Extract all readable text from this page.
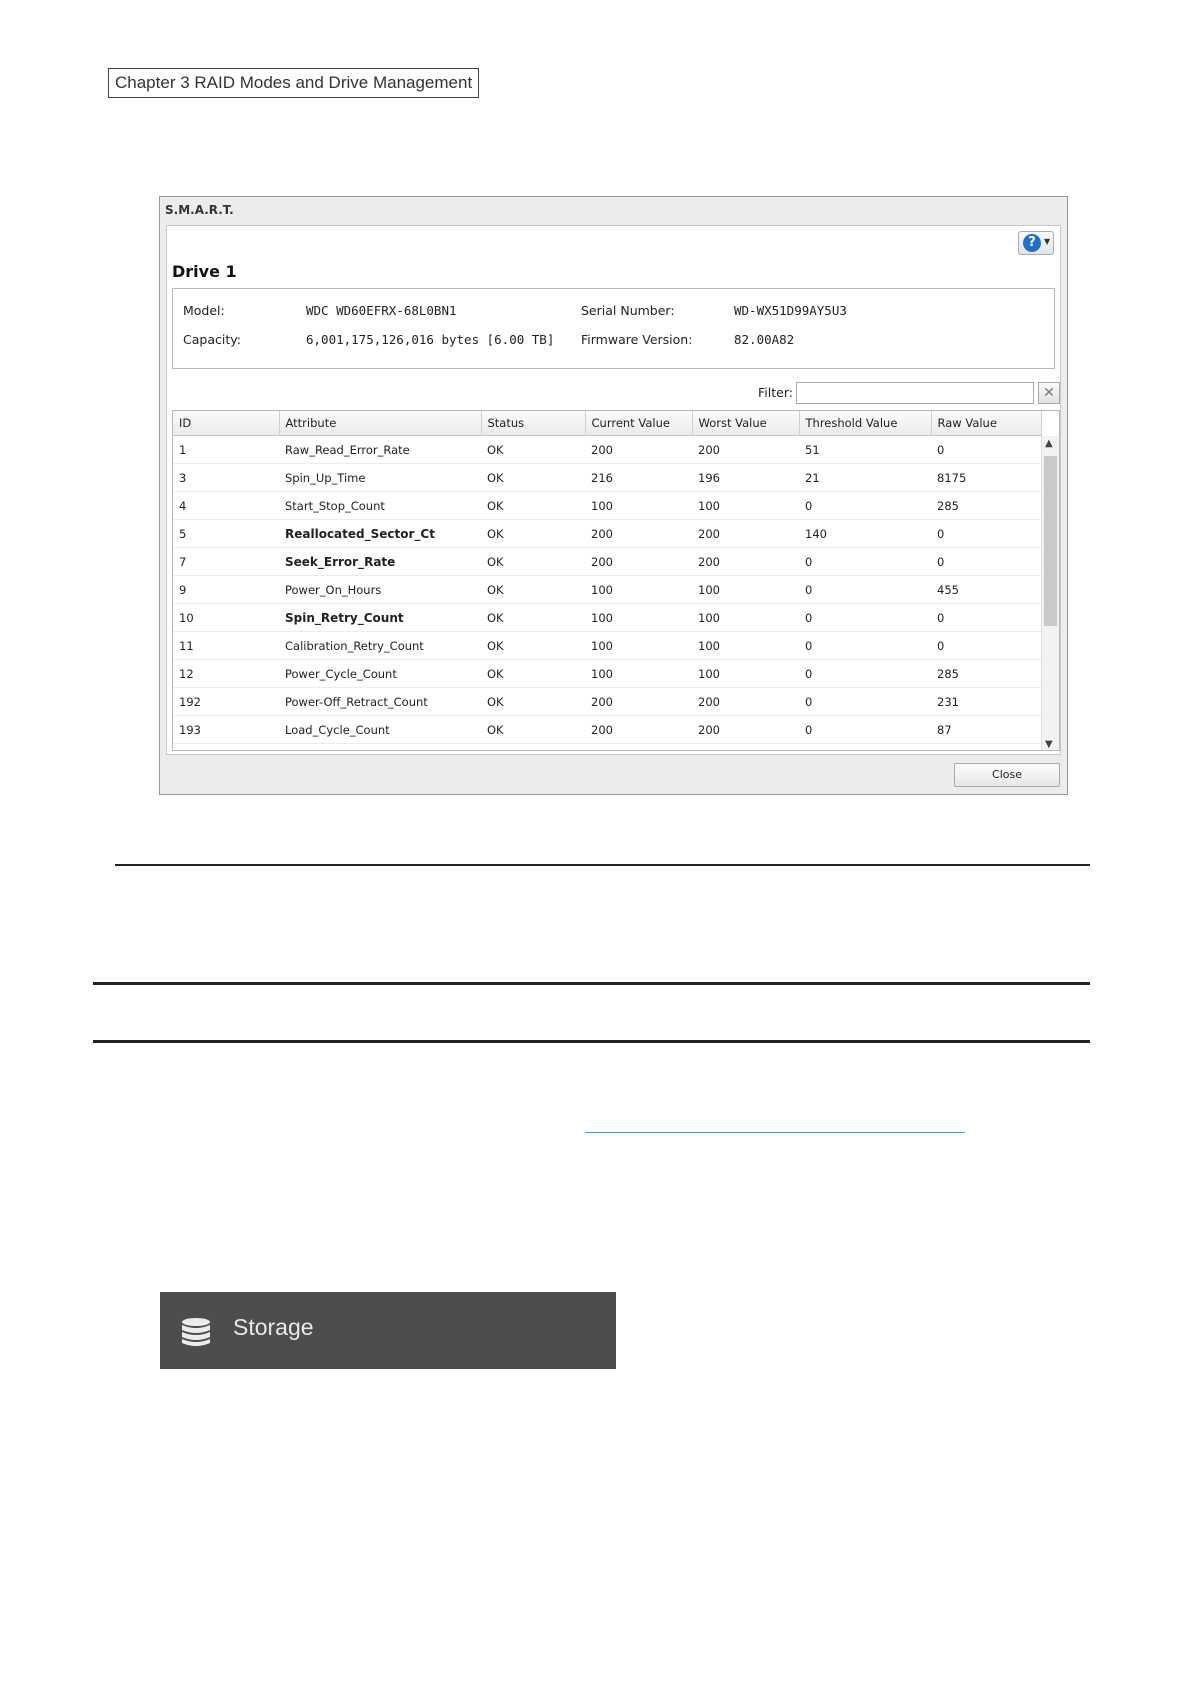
Chapter 3 RAID Modes and Drive Management
S.M.A.R.T.
?	▼
Drive 1
Model:	WDC WD60EFRX-68L0BN1	Serial Number:	WD-WX51D99AY5U3
Capacity:	6,001,175,126,016 bytes [6.00 TB] Firmware Version:	82.00A82
Filter:	✕
ID	Attribute	Status	Current Value	Worst Value	Threshold Value	Raw Value
1	Raw_Read_Error_Rate	OK	200	200	51	0
3	Spin_Up_Time	OK	216	196	21	8175
4	Start_Stop_Count	OK	100	100	0	285
5	Reallocated_Sector_Ct	OK	200	200	140	0
7	Seek_Error_Rate	OK	200	200	0	0
9	Power_On_Hours	OK	100	100	0	455
10	Spin_Retry_Count	OK	100	100	0	0
11	Calibration_Retry_Count	OK	100	100	0	0
12	Power_Cycle_Count	OK	100	100	0	285
192	Power-Off_Retract_Count	OK	200	200	0	231
193	Load_Cycle_Count	OK	200	200	0	87
▲
▼
Close
Storage
